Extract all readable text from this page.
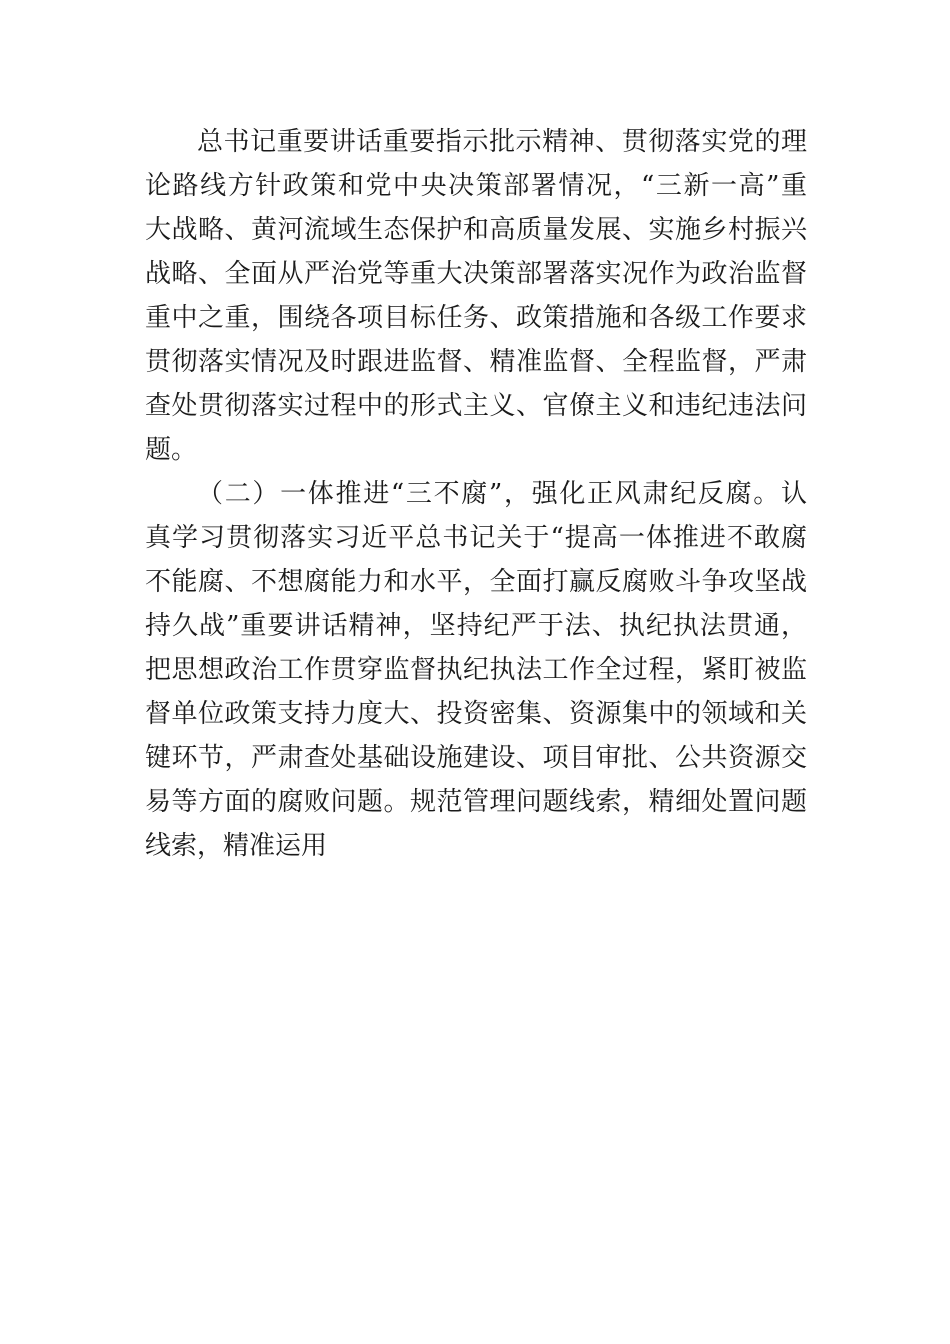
总书记重要讲话重要指示批示精神、贯彻落实党的理
论路线方针政策和党中央决策部署情况，“三新一高”重
大战略、黄河流域生态保护和高质量发展、实施乡村振兴
战略、全面从严治党等重大决策部署落实况作为政治监督
重中之重，围绕各项目标任务、政策措施和各级工作要求
贯彻落实情况及时跟进监督、精准监督、全程监督，严肃
查处贯彻落实过程中的形式主义、官僚主义和违纪违法问
题。
（二）一体推进“三不腐”，强化正风肃纪反腐。认
真学习贯彻落实习近平总书记关于“提高一体推进不敢腐
不能腐、不想腐能力和水平，全面打赢反腐败斗争攻坚战
持久战”重要讲话精神，坚持纪严于法、执纪执法贯通，
把思想政治工作贯穿监督执纪执法工作全过程，紧盯被监
督单位政策支持力度大、投资密集、资源集中的领域和关
键环节，严肃查处基础设施建设、项目审批、公共资源交
易等方面的腐败问题。规范管理问题线索，精细处置问题
线索，精准运用
